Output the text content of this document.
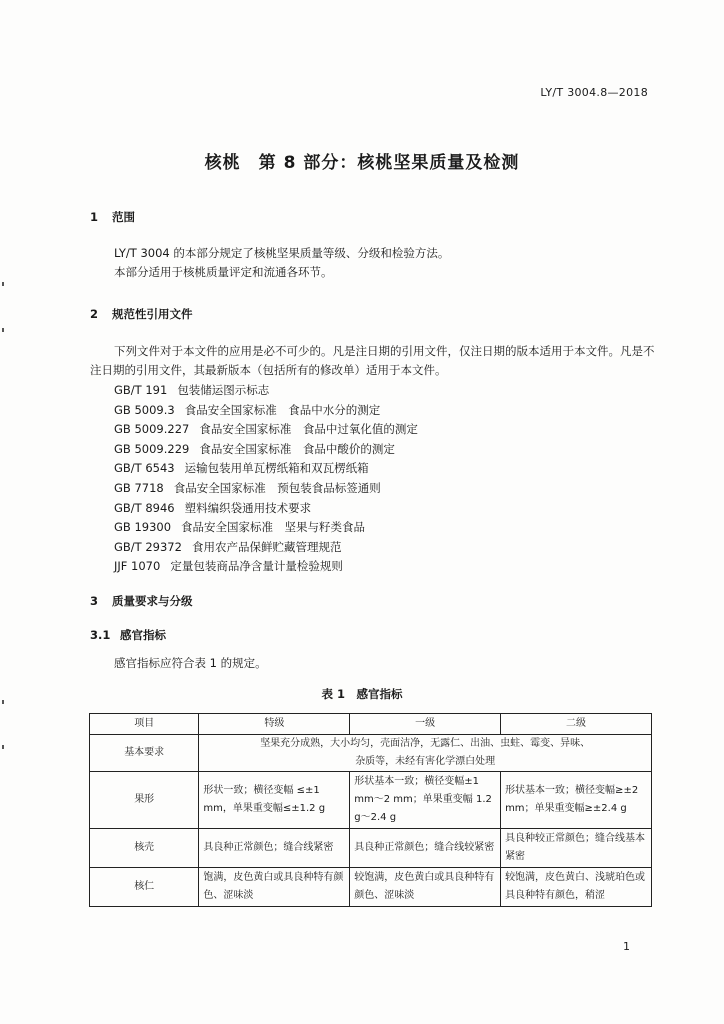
LY/T 3004.8—2018
核桃　第 8 部分：核桃坚果质量及检测
1 范围

LY/T 3004 的本部分规定了核桃坚果质量等级、分级和检验方法。

本部分适用于核桃质量评定和流通各环节。

2 规范性引用文件

下列文件对于本文件的应用是必不可少的。凡是注日期的引用文件，仅注日期的版本适用于本文件。凡是不注日期的引用文件，其最新版本（包括所有的修改单）适用于本文件。

GB/T 191 包装储运图示标志
GB 5009.3 食品安全国家标准　食品中水分的测定
GB 5009.227 食品安全国家标准　食品中过氧化值的测定
GB 5009.229 食品安全国家标准　食品中酸价的测定
GB/T 6543 运输包装用单瓦楞纸箱和双瓦楞纸箱
GB 7718 食品安全国家标准　预包装食品标签通则
GB/T 8946 塑料编织袋通用技术要求
GB 19300 食品安全国家标准　坚果与籽类食品
GB/T 29372 食用农产品保鲜贮藏管理规范
JJF 1070 定量包装商品净含量计量检验规则
3 质量要求与分级
3.1 感官指标

感官指标应符合表 1 的规定。

表 1　感官指标
项目	特级	一级	二级
基本要求	坚果充分成熟，大小均匀，壳面洁净，无露仁、出油、虫蛀、霉变、异味、杂质等，未经有害化学漂白处理		
果形	形状一致；横径变幅 ≤±1 mm，单果重变幅≤±1.2 g	形状基本一致；横径变幅±1 mm～2 mm；单果重变幅 1.2 g～2.4 g	形状基本一致；横径变幅≥±2 mm；单果重变幅≥±2.4 g
核壳	具良种正常颜色；缝合线紧密	具良种正常颜色；缝合线较紧密	具良种较正常颜色；缝合线基本紧密
核仁	饱满，皮色黄白或具良种特有颜色、涩味淡	较饱满，皮色黄白或具良种特有颜色、涩味淡	较饱满，皮色黄白、浅琥珀色或具良种特有颜色，稍涩
1
